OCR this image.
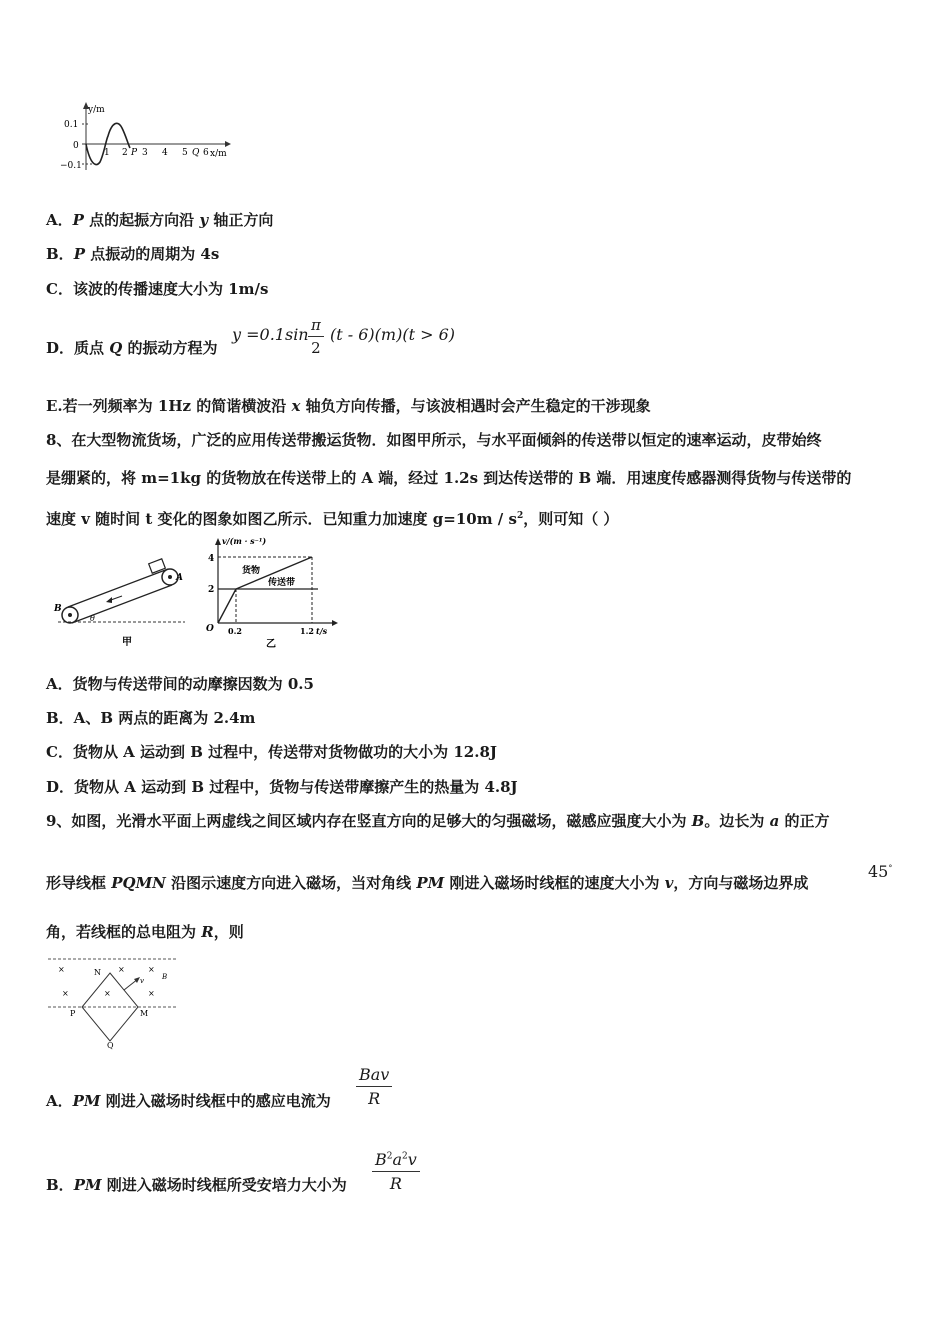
y/m
0.1
0
−0.1
1 2 P 3 4 5 Q 6 x/m
A．P 点的起振方向沿 y 轴正方向
B．P 点振动的周期为 4s
C．该波的传播速度大小为 1m/s
D．质点 Q 的振动方程为
$y =0.1\sin \frac{\pi}{2} (t - 6)(m)(t > 6)$
E.若一列频率为 1Hz 的简谐横波沿 x 轴负方向传播，与该波相遇时会产生稳定的干涉现象
8、在大型物流货场，广泛的应用传送带搬运货物．如图甲所示，与水平面倾斜的传送带以恒定的速率运动，皮带始终
是绷紧的，将 m=1kg 的货物放在传送带上的 A 端，经过 1.2s 到达传送带的 B 端．用速度传感器测得货物与传送带的
速度 v 随时间 t 变化的图象如图乙所示．已知重力加速度 $g=10m / s^2$，则可知（ ）
A
B
θ
甲
v/(m · s⁻¹)
4
2
货物
传送带
O 0.2	1.2 t/s
乙
A．货物与传送带间的动摩擦因数为 0.5
B．A、B 两点的距离为 2.4m
C．货物从 A 运动到 B 过程中，传送带对货物做功的大小为 12.8J
D．货物从 A 运动到 B 过程中，货物与传送带摩擦产生的热量为 4.8J
9、如图，光滑水平面上两虚线之间区域内存在竖直方向的足够大的匀强磁场，磁感应强度大小为 B。边长为 a 的正方
形导线框 PQMN 沿图示速度方向进入磁场，当对角线 PM 刚进入磁场时线框的速度大小为 v，方向与磁场边界成
45°
角，若线框的总电阻为 R，则
×
×
×	×
×
×
N
v	B
P	M
Q
A．PM 刚进入磁场时线框中的感应电流为
Bav
R
B．PM 刚进入磁场时线框所受安培力大小为 $\frac{B^2a^2v}{R}$
